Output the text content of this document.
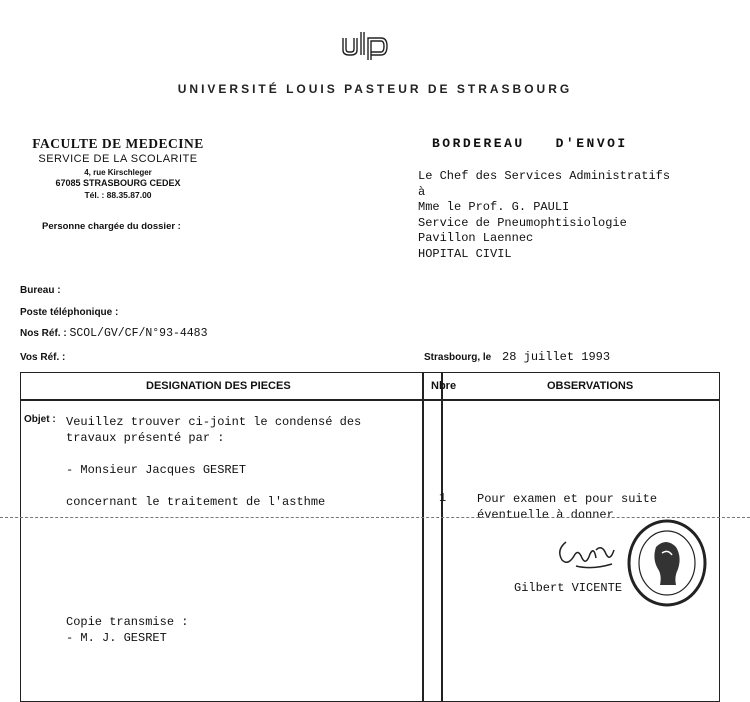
UNIVERSITÉ LOUIS PASTEUR DE STRASBOURG
FACULTE DE MEDECINE
SERVICE DE LA SCOLARITE
4, rue Kirschleger
67085 STRASBOURG CEDEX
Tél. : 88.35.87.00
Personne chargée du dossier :
BORDEREAU   D'ENVOI
Le Chef des Services Administratifs
à
Mme le Prof. G. PAULI
Service de Pneumophtisiologie
Pavillon Laennec
HOPITAL CIVIL
Bureau :
Poste téléphonique :
Nos Réf. : SCOL/GV/CF/N°93-4483
Vos Réf. :	Strasbourg, le 28 juillet 1993
DESIGNATION DES PIECES	Nbre	OBSERVATIONS
Objet : Veuillez trouver ci-joint le condensé des
travaux présenté par :
- Monsieur Jacques GESRET
concernant le traitement de l'asthme	1	Pour examen et pour suite
éventuelle à donner
Gilbert VICENTE
Copie transmise :
- M. J. GESRET
